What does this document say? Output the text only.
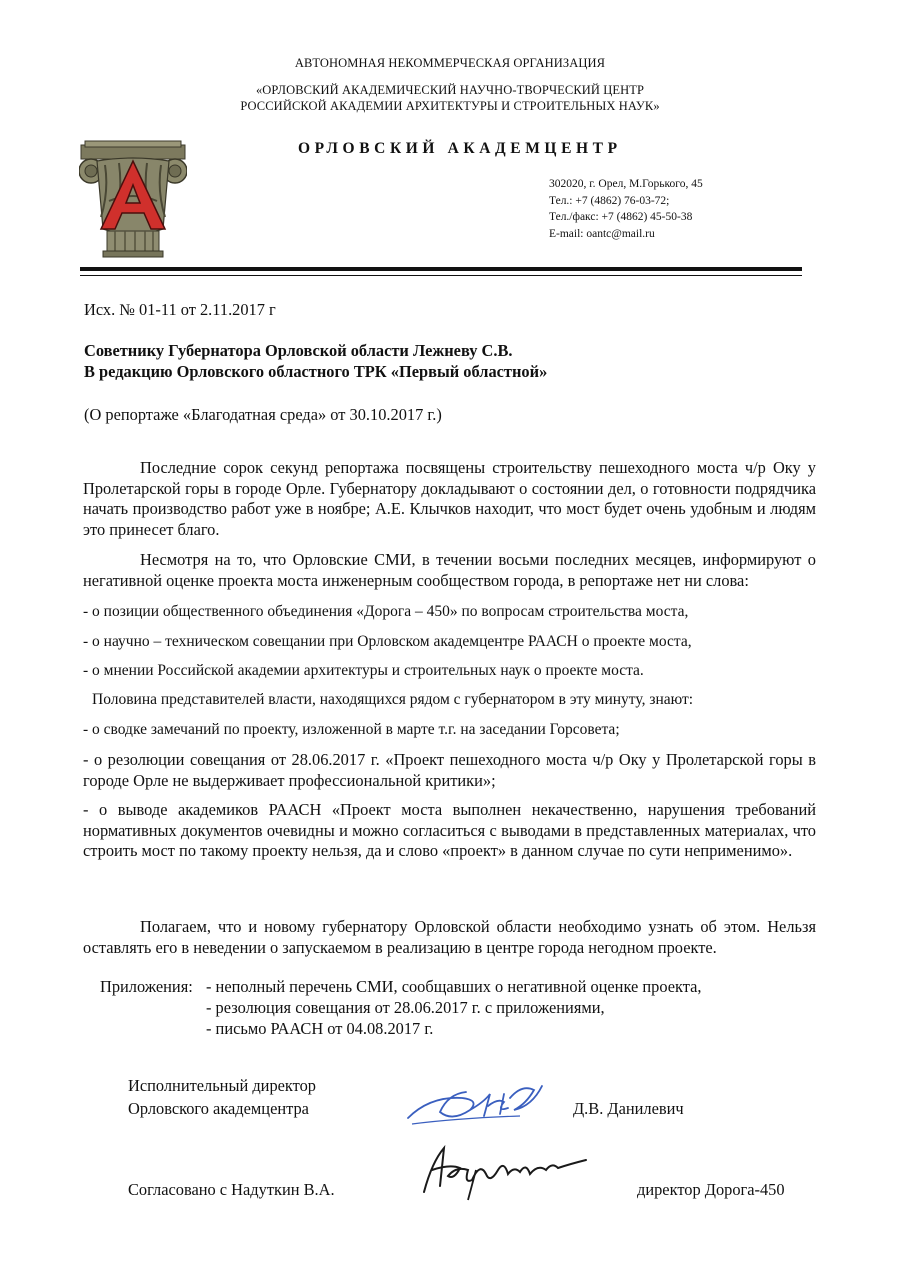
АВТОНОМНАЯ НЕКОММЕРЧЕСКАЯ ОРГАНИЗАЦИЯ
«ОРЛОВСКИЙ АКАДЕМИЧЕСКИЙ НАУЧНО-ТВОРЧЕСКИЙ ЦЕНТР
РОССИЙСКОЙ АКАДЕМИИ АРХИТЕКТУРЫ И СТРОИТЕЛЬНЫХ НАУК»
ОРЛОВСКИЙ АКАДЕМЦЕНТР
302020, г. Орел, М.Горького, 45
Тел.: +7 (4862) 76-03-72;
Тел./факс: +7 (4862) 45-50-38
E-mail: oantc@mail.ru
Исх. № 01-11 от 2.11.2017 г
Советнику Губернатора Орловской области Лежневу С.В.
В редакцию Орловского областного ТРК «Первый областной»
(О репортаже «Благодатная среда» от 30.10.2017 г.)
Последние сорок секунд репортажа посвящены строительству пешеходного моста ч/р Оку у Пролетарской горы в городе Орле. Губернатору докладывают о состоянии дел, о готовности подрядчика начать производство работ уже в ноябре; А.Е. Клычков находит, что мост будет очень удобным и людям это принесет благо.
Несмотря на то, что Орловские СМИ, в течении восьми последних месяцев, информируют о негативной оценке проекта моста инженерным сообществом города, в репортаже нет ни слова:
- о позиции общественного объединения «Дорога – 450» по вопросам строительства моста,
- о научно – техническом совещании при Орловском академцентре РААСН о проекте моста,
- о мнении Российской академии архитектуры и строительных наук о проекте моста.
Половина представителей власти, находящихся рядом с губернатором в эту минуту, знают:
- о сводке замечаний по проекту, изложенной в марте т.г. на заседании Горсовета;
- о резолюции совещания от 28.06.2017 г. «Проект пешеходного моста ч/р Оку у Пролетарской горы в городе Орле не выдерживает профессиональной критики»;
- о выводе академиков РААСН «Проект моста выполнен некачественно, нарушения требований нормативных документов очевидны и можно согласиться с выводами в представленных материалах, что строить мост по такому проекту нельзя, да и слово «проект» в данном случае по сути неприменимо».
Полагаем, что и новому губернатору Орловской области необходимо узнать об этом. Нельзя оставлять его в неведении о запускаемом в реализацию в центре города негодном проекте.
Приложения: - неполный перечень СМИ, сообщавших о негативной оценке проекта,
- резолюция совещания от 28.06.2017 г. с приложениями,
- письмо РААСН от 04.08.2017 г.
Исполнительный директор
Орловского академцентра	Д.В. Данилевич
Согласовано с Надуткин В.А.	директор Дорога-450
